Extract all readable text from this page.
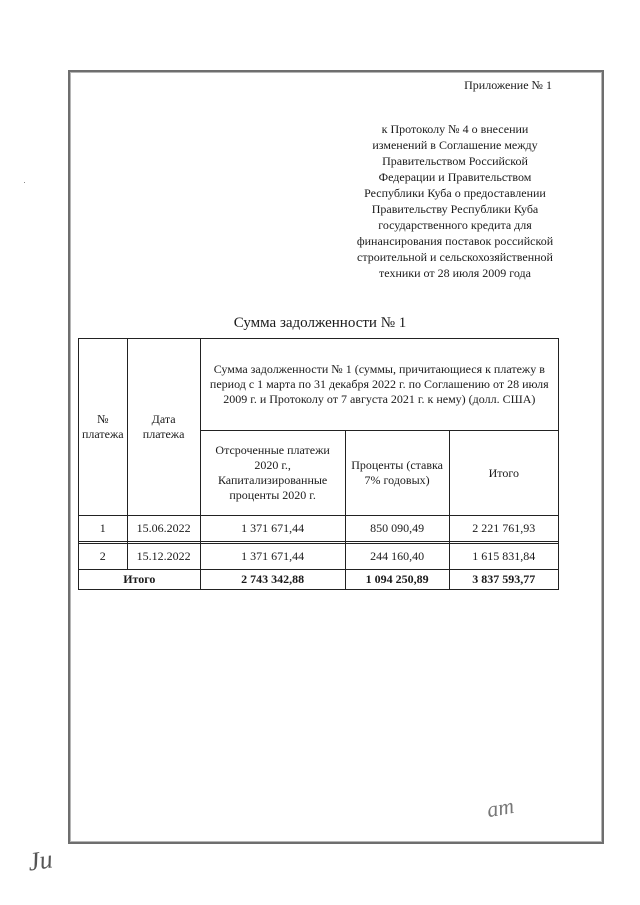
Приложение № 1
к Протоколу № 4 о внесении
изменений в Соглашение между
Правительством Российской
Федерации и Правительством
Республики Куба о предоставлении
Правительству Республики Куба
государственного кредита для
финансирования поставок российской
строительной и сельскохозяйственной
техники от 28 июля 2009 года
Сумма задолженности № 1
№ платежа	Дата платежа	Сумма задолженности № 1 (суммы, причитающиеся к платежу в период с 1 марта по 31 декабря 2022 г. по Соглашению от 28 июля 2009 г. и Протоколу от 7 августа 2021 г. к нему) (долл. США)		
		Отсроченные платежи 2020 г., Капитализированные проценты 2020 г.	Проценты (ставка 7% годовых)	Итого
1	15.06.2022	1 371 671,44	850 090,49	2 221 761,93

2	15.12.2022	1 371 671,44	244 160,40	1 615 831,84
Итого		2 743 342,88	1 094 250,89	3 837 593,77
am
Ju
